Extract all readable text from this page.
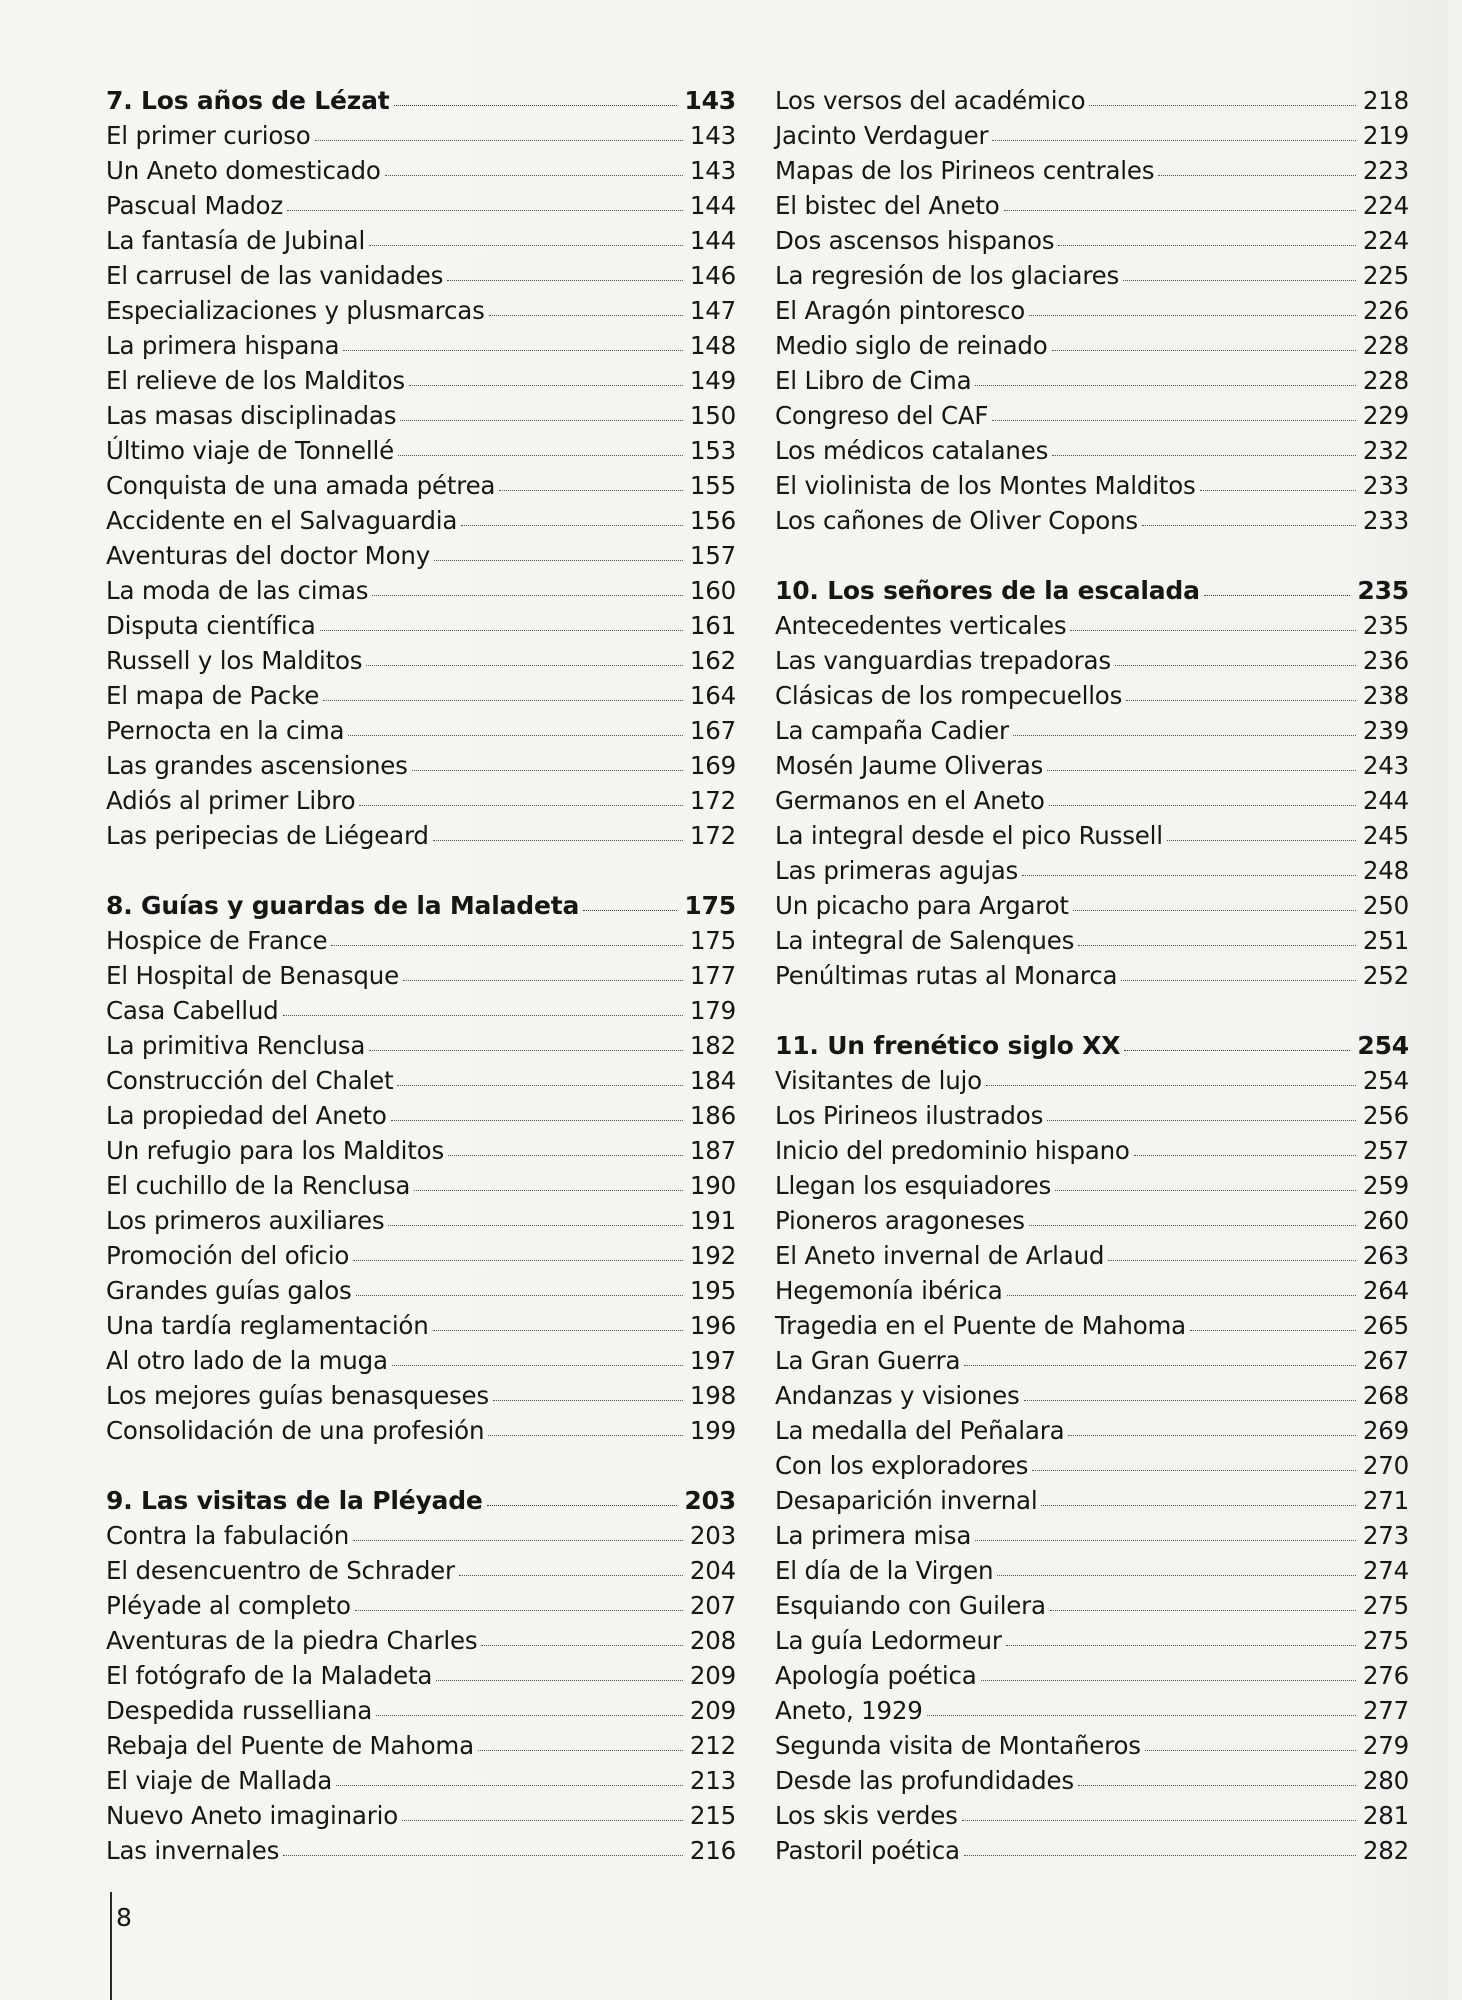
7. Los años de Lézat	143
El primer curioso	143
Un Aneto domesticado	143
Pascual Madoz	144
La fantasía de Jubinal	144
El carrusel de las vanidades	146
Especializaciones y plusmarcas	147
La primera hispana	148
El relieve de los Malditos	149
Las masas disciplinadas	150
Último viaje de Tonnellé	153
Conquista de una amada pétrea	155
Accidente en el Salvaguardia	156
Aventuras del doctor Mony	157
La moda de las cimas	160
Disputa científica	161
Russell y los Malditos	162
El mapa de Packe	164
Pernocta en la cima	167
Las grandes ascensiones	169
Adiós al primer Libro	172
Las peripecias de Liégeard	172
8. Guías y guardas de la Maladeta	175
Hospice de France	175
El Hospital de Benasque	177
Casa Cabellud	179
La primitiva Renclusa	182
Construcción del Chalet	184
La propiedad del Aneto	186
Un refugio para los Malditos	187
El cuchillo de la Renclusa	190
Los primeros auxiliares	191
Promoción del oficio	192
Grandes guías galos	195
Una tardía reglamentación	196
Al otro lado de la muga	197
Los mejores guías benasqueses	198
Consolidación de una profesión	199
9. Las visitas de la Pléyade	203
Contra la fabulación	203
El desencuentro de Schrader	204
Pléyade al completo	207
Aventuras de la piedra Charles	208
El fotógrafo de la Maladeta	209
Despedida russelliana	209
Rebaja del Puente de Mahoma	212
El viaje de Mallada	213
Nuevo Aneto imaginario	215
Las invernales	216
Los versos del académico	218
Jacinto Verdaguer	219
Mapas de los Pirineos centrales	223
El bistec del Aneto	224
Dos ascensos hispanos	224
La regresión de los glaciares	225
El Aragón pintoresco	226
Medio siglo de reinado	228
El Libro de Cima	228
Congreso del CAF	229
Los médicos catalanes	232
El violinista de los Montes Malditos	233
Los cañones de Oliver Copons	233
10. Los señores de la escalada	235
Antecedentes verticales	235
Las vanguardias trepadoras	236
Clásicas de los rompecuellos	238
La campaña Cadier	239
Mosén Jaume Oliveras	243
Germanos en el Aneto	244
La integral desde el pico Russell	245
Las primeras agujas	248
Un picacho para Argarot	250
La integral de Salenques	251
Penúltimas rutas al Monarca	252
11. Un frenético siglo XX	254
Visitantes de lujo	254
Los Pirineos ilustrados	256
Inicio del predominio hispano	257
Llegan los esquiadores	259
Pioneros aragoneses	260
El Aneto invernal de Arlaud	263
Hegemonía ibérica	264
Tragedia en el Puente de Mahoma	265
La Gran Guerra	267
Andanzas y visiones	268
La medalla del Peñalara	269
Con los exploradores	270
Desaparición invernal	271
La primera misa	273
El día de la Virgen	274
Esquiando con Guilera	275
La guía Ledormeur	275
Apología poética	276
Aneto, 1929	277
Segunda visita de Montañeros	279
Desde las profundidades	280
Los skis verdes	281
Pastoril poética	282
8
